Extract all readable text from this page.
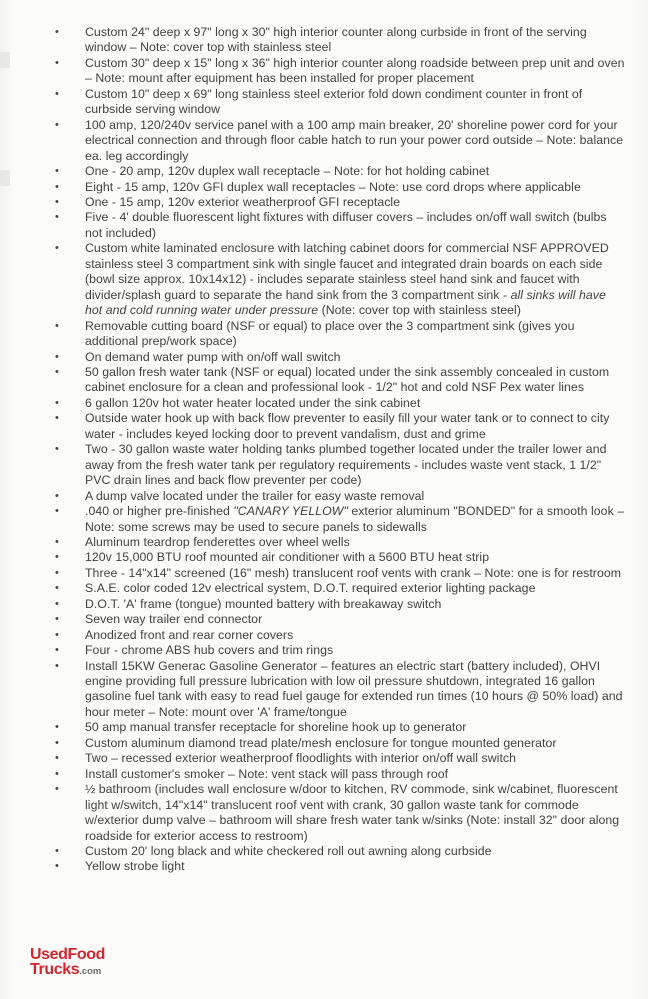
•	Custom 24" deep x 97" long x 30" high interior counter along curbside in front of the serving window – Note: cover top with stainless steel
•	Custom 30" deep x 15" long x 36" high interior counter along roadside between prep unit and oven – Note: mount after equipment has been installed for proper placement
•	Custom 10" deep x 69" long stainless steel exterior fold down condiment counter in front of curbside serving window
•	100 amp, 120/240v service panel with a 100 amp main breaker, 20' shoreline power cord for your electrical connection and through floor cable hatch to run your power cord outside – Note: balance ea. leg accordingly
•	One - 20 amp, 120v duplex wall receptacle – Note: for hot holding cabinet
•	Eight - 15 amp, 120v GFI duplex wall receptacles – Note: use cord drops where applicable
•	One - 15 amp, 120v exterior weatherproof GFI receptacle
•	Five - 4' double fluorescent light fixtures with diffuser covers – includes on/off wall switch (bulbs not included)
•	Custom white laminated enclosure with latching cabinet doors for commercial NSF APPROVED stainless steel 3 compartment sink with single faucet and integrated drain boards on each side (bowl size approx. 10x14x12) - includes separate stainless steel hand sink and faucet with divider/splash guard to separate the hand sink from the 3 compartment sink - all sinks will have hot and cold running water under pressure (Note: cover top with stainless steel)
•	Removable cutting board (NSF or equal) to place over the 3 compartment sink (gives you additional prep/work space)
•	On demand water pump with on/off wall switch
•	50 gallon fresh water tank (NSF or equal) located under the sink assembly concealed in custom cabinet enclosure for a clean and professional look - 1/2" hot and cold NSF Pex water lines
•	6 gallon 120v hot water heater located under the sink cabinet
•	Outside water hook up with back flow preventer to easily fill your water tank or to connect to city water - includes keyed locking door to prevent vandalism, dust and grime
•	Two - 30 gallon waste water holding tanks plumbed together located under the trailer lower and away from the fresh water tank per regulatory requirements - includes waste vent stack, 1 1/2" PVC drain lines and back flow preventer per code)
•	A dump valve located under the trailer for easy waste removal
•	.040 or higher pre-finished "CANARY YELLOW" exterior aluminum "BONDED" for a smooth look – Note: some screws may be used to secure panels to sidewalls
•	Aluminum teardrop fenderettes over wheel wells
•	120v 15,000 BTU roof mounted air conditioner with a 5600 BTU heat strip
•	Three - 14"x14" screened (16" mesh) translucent roof vents with crank – Note: one is for restroom
•	S.A.E. color coded 12v electrical system, D.O.T. required exterior lighting package
•	D.O.T. 'A' frame (tongue) mounted battery with breakaway switch
•	Seven way trailer end connector
•	Anodized front and rear corner covers
•	Four - chrome ABS hub covers and trim rings
•	Install 15KW Generac Gasoline Generator – features an electric start (battery included), OHVI engine providing full pressure lubrication with low oil pressure shutdown, integrated 16 gallon gasoline fuel tank with easy to read fuel gauge for extended run times (10 hours @ 50% load) and hour meter – Note: mount over 'A' frame/tongue
•	50 amp manual transfer receptacle for shoreline hook up to generator
•	Custom aluminum diamond tread plate/mesh enclosure for tongue mounted generator
•	Two – recessed exterior weatherproof floodlights with interior on/off wall switch
•	Install customer's smoker – Note: vent stack will pass through roof
•	½ bathroom (includes wall enclosure w/door to kitchen, RV commode, sink w/cabinet, fluorescent light w/switch, 14"x14" translucent roof vent with crank, 30 gallon waste tank for commode w/exterior dump valve – bathroom will share fresh water tank w/sinks (Note: install 32" door along roadside for exterior access to restroom)
•	Custom 20' long black and white checkered roll out awning along curbside
•	Yellow strobe light
UsedFood
Trucks.com
